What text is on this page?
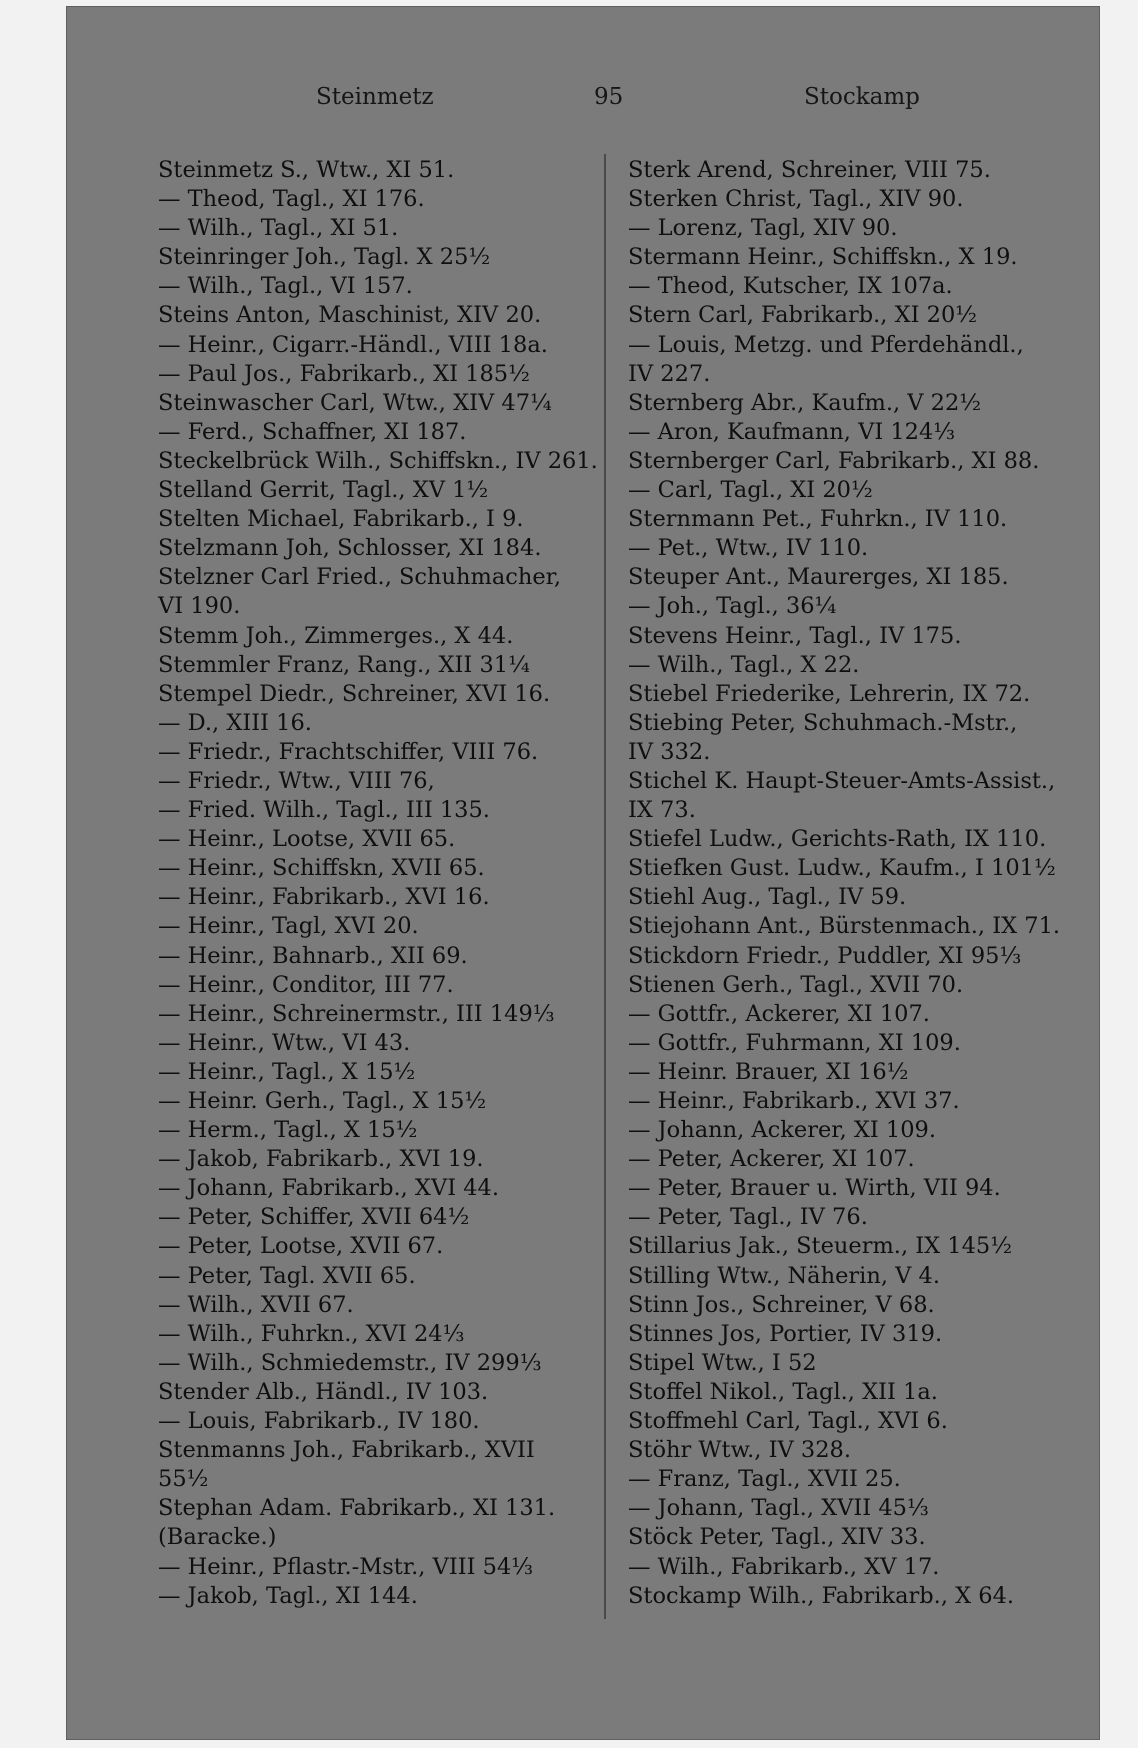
Steinmetz	95	Stockamp
Steinmetz S., Wtw., XI 51.
— Theod, Tagl., XI 176.
— Wilh., Tagl., XI 51.
Steinringer Joh., Tagl. X 25½
— Wilh., Tagl., VI 157.
Steins Anton, Maschinist, XIV 20.
— Heinr., Cigarr.-Händl., VIII 18a.
— Paul Jos., Fabrikarb., XI 185½
Steinwascher Carl, Wtw., XIV 47¼
— Ferd., Schaffner, XI 187.
Steckelbrück Wilh., Schiffskn., IV 261.
Stelland Gerrit, Tagl., XV 1½
Stelten Michael, Fabrikarb., I 9.
Stelzmann Joh, Schlosser, XI 184.
Stelzner Carl Fried., Schuhmacher,
VI 190.
Stemm Joh., Zimmerges., X 44.
Stemmler Franz, Rang., XII 31¼
Stempel Diedr., Schreiner, XVI 16.
— D., XIII 16.
— Friedr., Frachtschiffer, VIII 76.
— Friedr., Wtw., VIII 76,
— Fried. Wilh., Tagl., III 135.
— Heinr., Lootse, XVII 65.
— Heinr., Schiffskn, XVII 65.
— Heinr., Fabrikarb., XVI 16.
— Heinr., Tagl, XVI 20.
— Heinr., Bahnarb., XII 69.
— Heinr., Conditor, III 77.
— Heinr., Schreinermstr., III 149⅓
— Heinr., Wtw., VI 43.
— Heinr., Tagl., X 15½
— Heinr. Gerh., Tagl., X 15½
— Herm., Tagl., X 15½
— Jakob, Fabrikarb., XVI 19.
— Johann, Fabrikarb., XVI 44.
— Peter, Schiffer, XVII 64½
— Peter, Lootse, XVII 67.
— Peter, Tagl. XVII 65.
— Wilh., XVII 67.
— Wilh., Fuhrkn., XVI 24⅓
— Wilh., Schmiedemstr., IV 299⅓
Stender Alb., Händl., IV 103.
— Louis, Fabrikarb., IV 180.
Stenmanns Joh., Fabrikarb., XVII
55½
Stephan Adam. Fabrikarb., XI 131.
(Baracke.)
— Heinr., Pflastr.-Mstr., VIII 54⅓
— Jakob, Tagl., XI 144.
Sterk Arend, Schreiner, VIII 75.
Sterken Christ, Tagl., XIV 90.
— Lorenz, Tagl, XIV 90.
Stermann Heinr., Schiffskn., X 19.
— Theod, Kutscher, IX 107a.
Stern Carl, Fabrikarb., XI 20½
— Louis, Metzg. und Pferdehändl.,
IV 227.
Sternberg Abr., Kaufm., V 22½
— Aron, Kaufmann, VI 124⅓
Sternberger Carl, Fabrikarb., XI 88.
— Carl, Tagl., XI 20½
Sternmann Pet., Fuhrkn., IV 110.
— Pet., Wtw., IV 110.
Steuper Ant., Maurerges, XI 185.
— Joh., Tagl., 36¼
Stevens Heinr., Tagl., IV 175.
— Wilh., Tagl., X 22.
Stiebel Friederike, Lehrerin, IX 72.
Stiebing Peter, Schuhmach.-Mstr.,
IV 332.
Stichel K. Haupt-Steuer-Amts-Assist.,
IX 73.
Stiefel Ludw., Gerichts-Rath, IX 110.
Stiefken Gust. Ludw., Kaufm., I 101½
Stiehl Aug., Tagl., IV 59.
Stiejohann Ant., Bürstenmach., IX 71.
Stickdorn Friedr., Puddler, XI 95⅓
Stienen Gerh., Tagl., XVII 70.
— Gottfr., Ackerer, XI 107.
— Gottfr., Fuhrmann, XI 109.
— Heinr. Brauer, XI 16½
— Heinr., Fabrikarb., XVI 37.
— Johann, Ackerer, XI 109.
— Peter, Ackerer, XI 107.
— Peter, Brauer u. Wirth, VII 94.
— Peter, Tagl., IV 76.
Stillarius Jak., Steuerm., IX 145½
Stilling Wtw., Näherin, V 4.
Stinn Jos., Schreiner, V 68.
Stinnes Jos, Portier, IV 319.
Stipel Wtw., I 52
Stoffel Nikol., Tagl., XII 1a.
Stoffmehl Carl, Tagl., XVI 6.
Stöhr Wtw., IV 328.
— Franz, Tagl., XVII 25.
— Johann, Tagl., XVII 45⅓
Stöck Peter, Tagl., XIV 33.
— Wilh., Fabrikarb., XV 17.
Stockamp Wilh., Fabrikarb., X 64.
